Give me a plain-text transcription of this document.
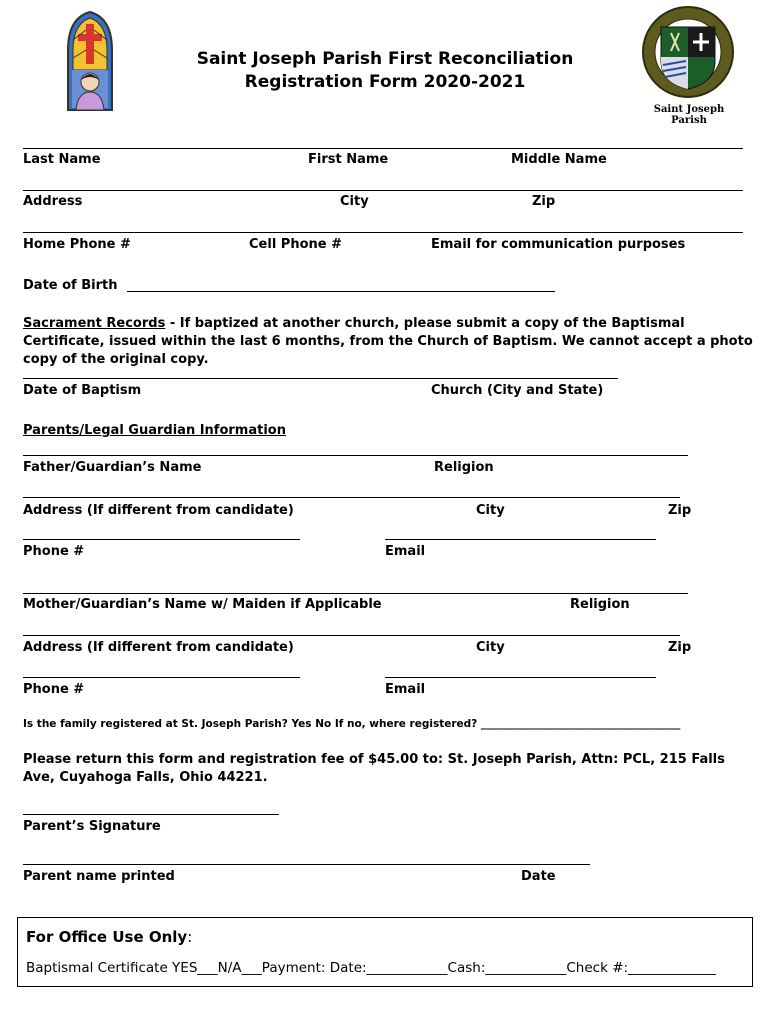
Saint Joseph Parish
Saint Joseph Parish First Reconciliation
Registration Form 2020-2021
Last Name	First Name	Middle Name
Address	City	Zip
Home Phone #	Cell Phone #	Email for communication purposes
Date of Birth
Sacrament Records - If baptized at another church, please submit a copy of the Baptismal Certificate, issued within the last 6 months, from the Church of Baptism. We cannot accept a photo copy of the original copy.
Date of Baptism	Church (City and State)
Parents/Legal Guardian Information
Father/Guardian’s Name	Religion
Address (If different from candidate)	City	Zip
Phone #	Email
Mother/Guardian’s Name w/ Maiden if Applicable	Religion
Address (If different from candidate)	City	Zip
Phone #	Email
Is the family registered at St. Joseph Parish? Yes No If no, where registered? ______________________________________
Please return this form and registration fee of $45.00 to: St. Joseph Parish, Attn: PCL, 215 Falls Ave, Cuyahoga Falls, Ohio 44221.
Parent’s Signature
Parent name printed	Date
For Office Use Only:
Baptismal Certificate YES___N/A___Payment: Date:____________Cash:____________Check #:_____________
